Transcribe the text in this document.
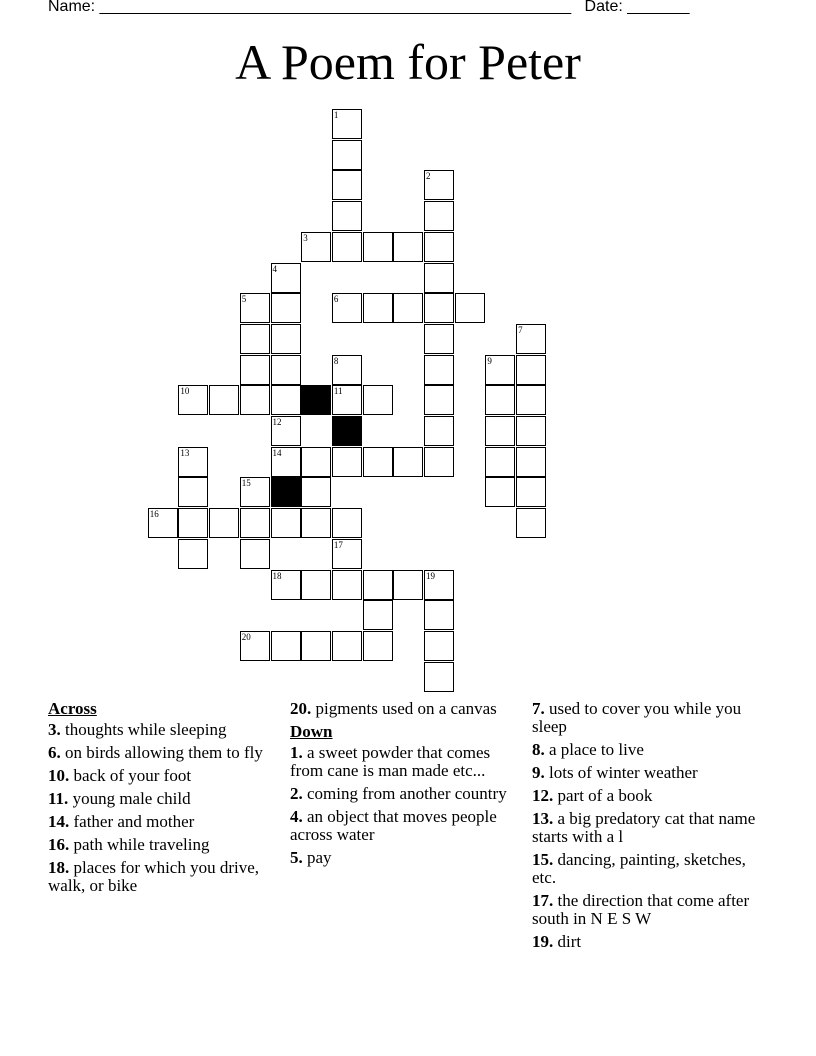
Name: _____________________________________________________ Date: _______
A Poem for Peter
1
2
3
4
5	6
7
8	9
10	11
12
13	14
15
16
17
18	19
20
Across
3. thoughts while sleeping
6. on birds allowing them to fly
10. back of your foot
11. young male child
14. father and mother
16. path while traveling
18. places for which you drive, walk, or bike
20. pigments used on a canvas
Down
1. a sweet powder that comes from cane is man made etc...
2. coming from another country
4. an object that moves people across water
5. pay
7. used to cover you while you sleep
8. a place to live
9. lots of winter weather
12. part of a book
13. a big predatory cat that name starts with a l
15. dancing, painting, sketches, etc.
17. the direction that come after south in N E S W
19. dirt
